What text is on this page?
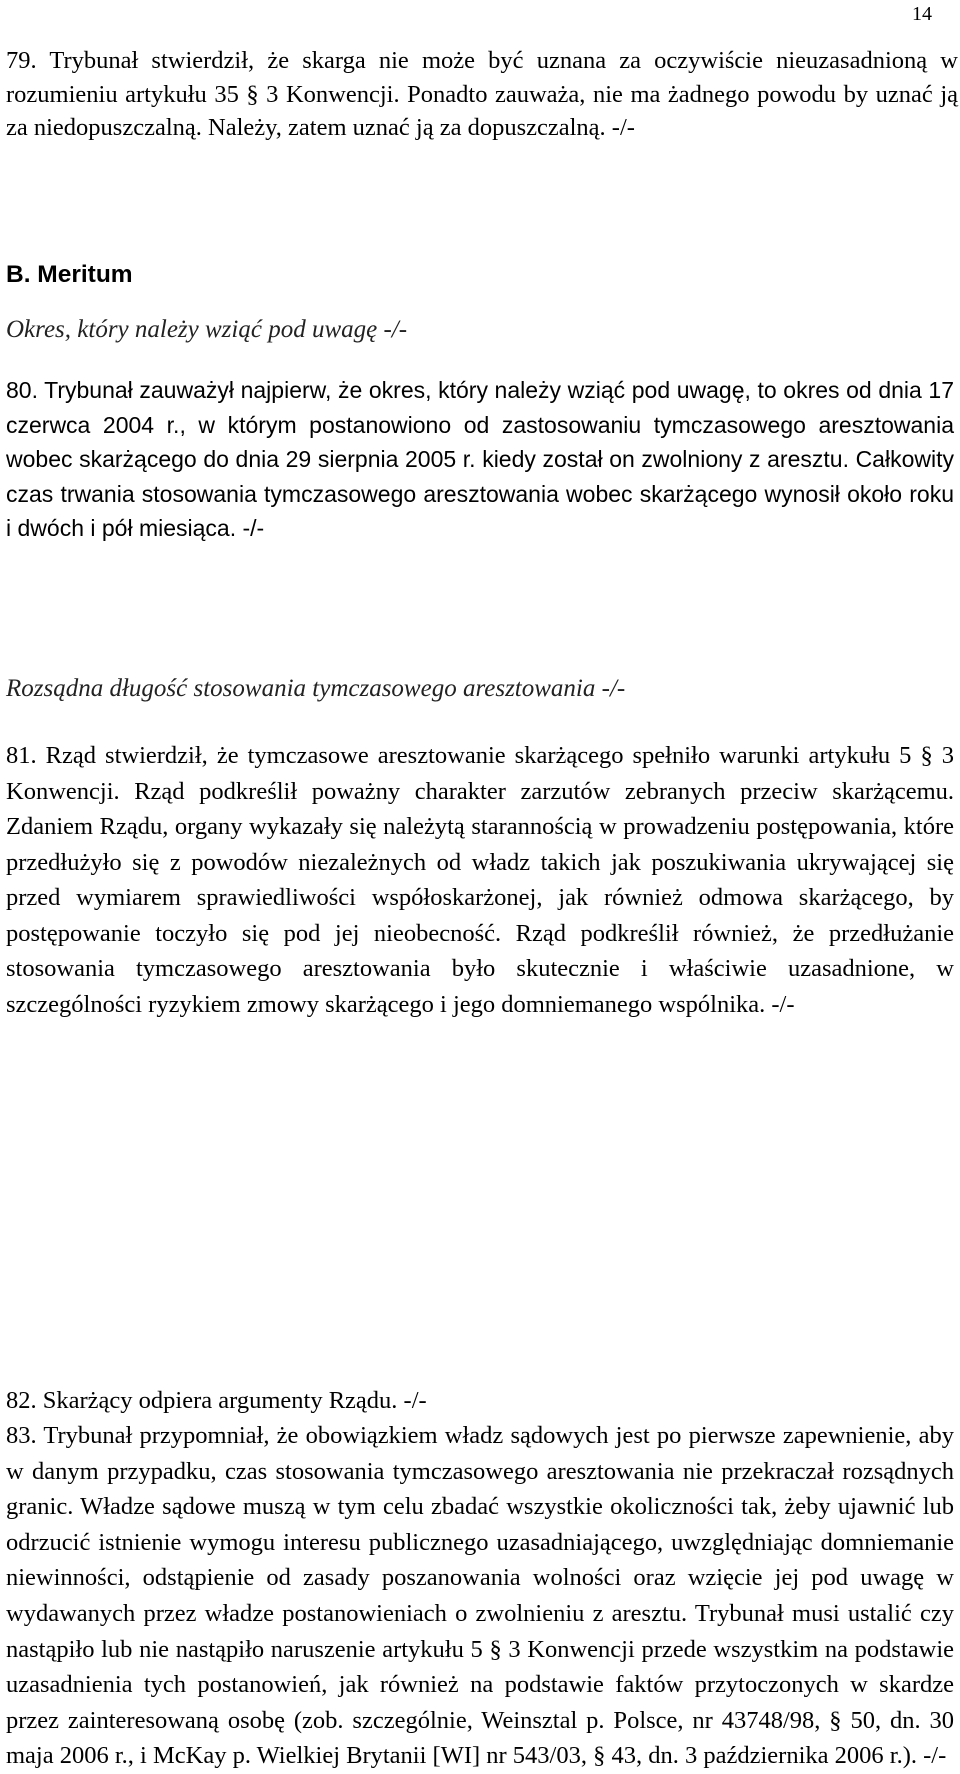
14

79. Trybunał stwierdził, że skarga nie może być uznana za oczywiście nieuzasadnioną w rozumieniu artykułu 35 § 3 Konwencji. Ponadto zauważa, nie ma żadnego powodu by uznać ją za niedopuszczalną. Należy, zatem uznać ją za dopuszczalną. -/-

B. Meritum
Okres, który należy wziąć pod uwagę -/-

80. Trybunał zauważył najpierw, że okres, który należy wziąć pod uwagę, to okres od dnia 17 czerwca 2004 r., w którym postanowiono od zastosowaniu tymczasowego aresztowania wobec skarżącego do dnia 29 sierpnia 2005 r. kiedy został on zwolniony z aresztu. Całkowity czas trwania stosowania tymczasowego aresztowania wobec skarżącego wynosił około roku i dwóch i pół miesiąca. -/-

Rozsądna długość stosowania tymczasowego aresztowania -/-

81. Rząd stwierdził, że tymczasowe aresztowanie skarżącego spełniło warunki artykułu 5 § 3 Konwencji. Rząd podkreślił poważny charakter zarzutów zebranych przeciw skarżącemu. Zdaniem Rządu, organy wykazały się należytą starannością w prowadzeniu postępowania, które przedłużyło się z powodów niezależnych od władz takich jak poszukiwania ukrywającej się przed wymiarem sprawiedliwości współoskarżonej, jak również odmowa skarżącego, by postępowanie toczyło się pod jej nieobecność. Rząd podkreślił również, że przedłużanie stosowania tymczasowego aresztowania było skutecznie i właściwie uzasadnione, w szczególności ryzykiem zmowy skarżącego i jego domniemanego wspólnika. -/-

82. Skarżący odpiera argumenty Rządu. -/-

83. Trybunał przypomniał, że obowiązkiem władz sądowych jest po pierwsze zapewnienie, aby w danym przypadku, czas stosowania tymczasowego aresztowania nie przekraczał rozsądnych granic. Władze sądowe muszą w tym celu zbadać wszystkie okoliczności tak, żeby ujawnić lub odrzucić istnienie wymogu interesu publicznego uzasadniającego, uwzględniając domniemanie niewinności, odstąpienie od zasady poszanowania wolności oraz wzięcie jej pod uwagę w wydawanych przez władze postanowieniach o zwolnieniu z aresztu. Trybunał musi ustalić czy nastąpiło lub nie nastąpiło naruszenie artykułu 5 § 3 Konwencji przede wszystkim na podstawie uzasadnienia tych postanowień, jak również na podstawie faktów przytoczonych w skardze przez zainteresowaną osobę (zob. szczególnie, Weinsztal p. Polsce, nr 43748/98, § 50, dn. 30 maja 2006 r., i McKay p. Wielkiej Brytanii [WI] nr 543/03, § 43, dn. 3 października 2006 r.). -/-
